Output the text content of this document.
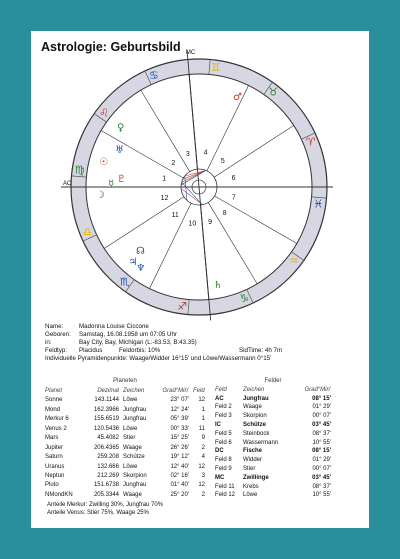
Astrologie: Geburtsbild
♈
♉
♊
♋
♌
♍
♎
♏
♐
♑
♒
♓
1
2
3 4
5
6
7
8
9
10
11
12
MC
AC
☉
☽
☿
♀
♂
♃
♄
♅
♆
♇
☊
Name:	Madonna Louise Ciccone
Geboren:	Samstag, 16.08.1958 um 07:05 Uhr
in:	Bay City, Bay, Michigan (L:-83.53, B:43.35)
Feldtyp:	Placidus	Feldorbis: 10%	SidTime: 4h 7m
Individuelle Pyramidenpunkte: Waage/Widder 16°15' und Löwe/Wassermann 0°15'
Planeten				
Planet	Dezimal	Zeichen	Grad°Min'	Feld
Sonne	143.1144	Löwe	23° 07'	12
Mond	162.3966	Jungfrau	12° 24'	1
Merkur 6	155.6519	Jungfrau	05° 39'	1
Venus 2	120.5436	Löwe	00° 33'	11
Mars	45.4082	Stier	15° 25'	9
Jupiter	206.4365	Waage	26° 26'	2
Saturn	259.208	Schütze	19° 12'	4
Uranus	132.666	Löwe	12° 40'	12
Neptun	212.269	Skorpion	02° 16'	3
Pluto	151.6738	Jungfrau	01° 40'	12
NMondKN	205.3344	Waage	25° 20'	2
Felder		
Feld	Zeichen	Grad°Min'
AC	Jungfrau	08° 15'
Feld 2	Waage	01° 29'
Feld 3	Skorpion	00° 07'
IC	Schütze	03° 45'
Feld 5	Steinbock	08° 37'
Feld 6	Wassermann	10° 55'
DC	Fische	08° 15'
Feld 8	Widder	01° 29'
Feld 9	Stier	00° 07'
MC	Zwillinge	03° 45'
Feld 11	Krebs	08° 37'
Feld 12	Löwe	10° 55'
Anteile Merkur: Zwilling 30%, Jungfrau 70%
Anteile Venus: Stier 75%, Waage 25%
